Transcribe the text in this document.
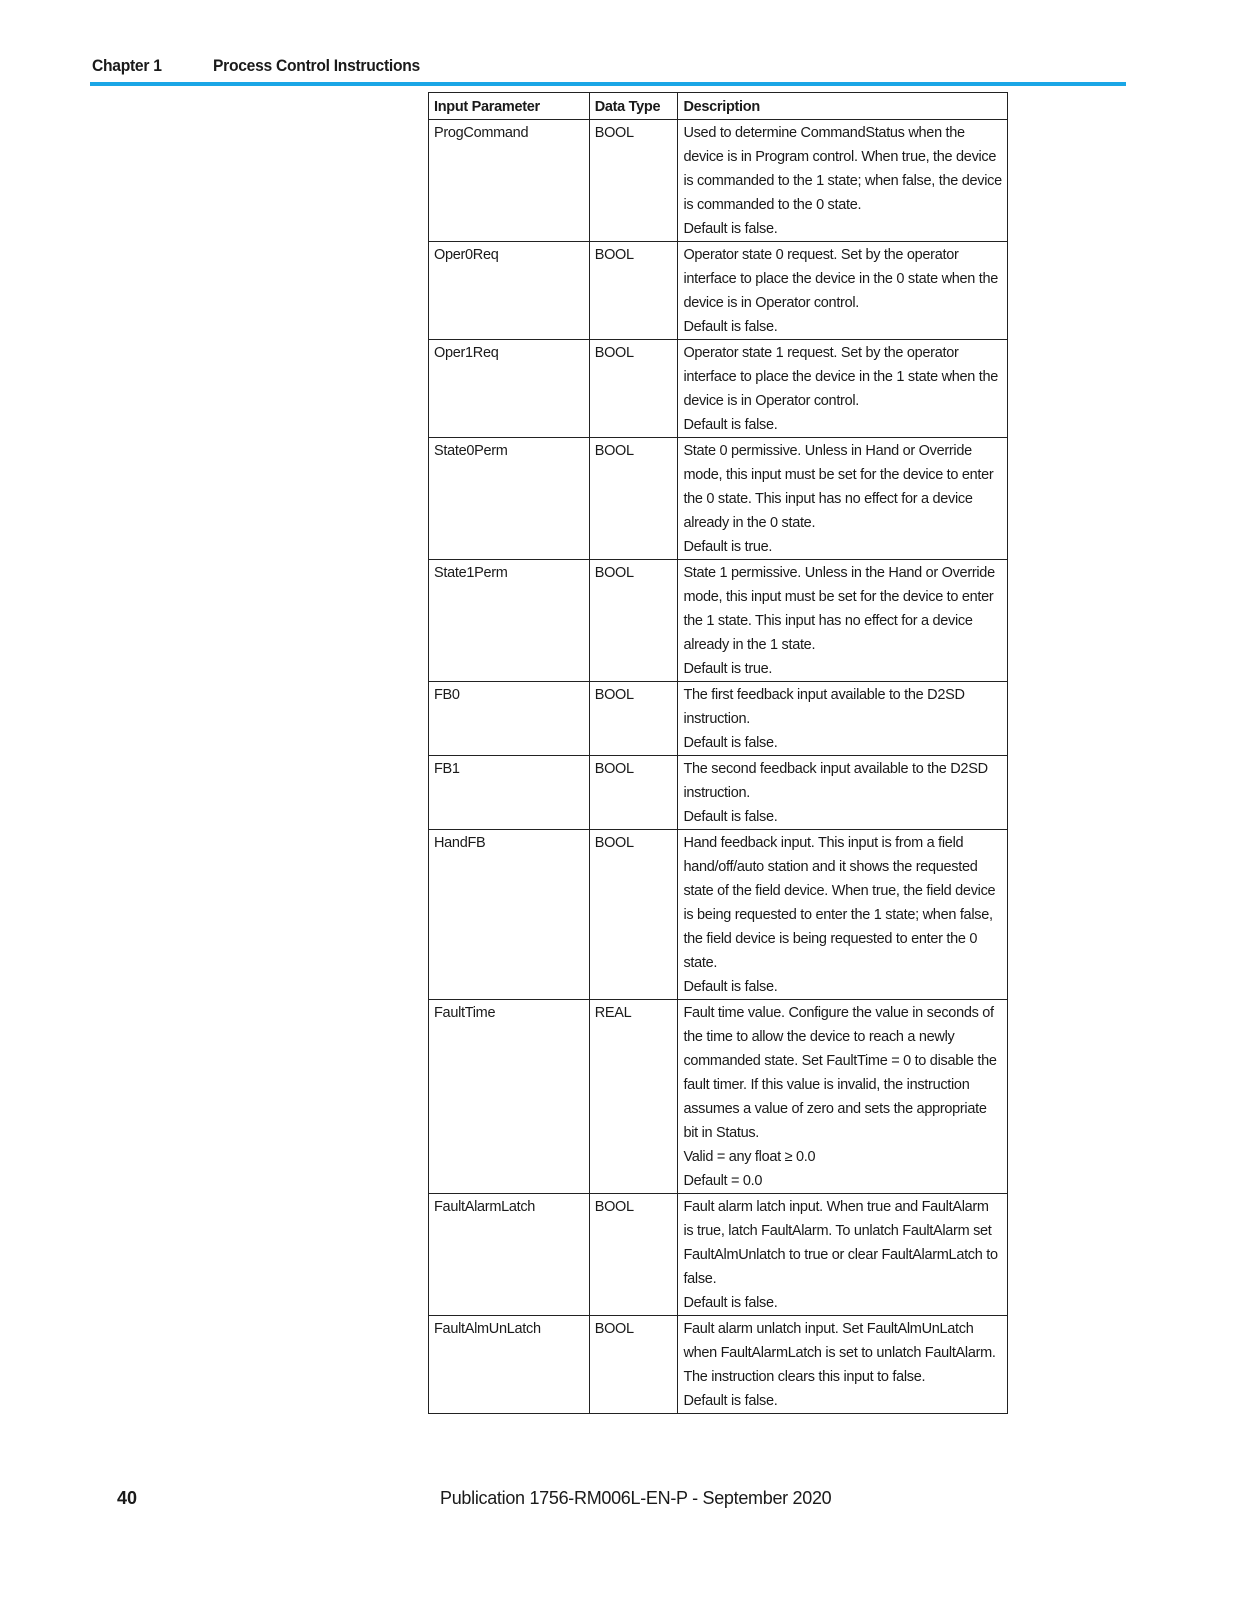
Chapter 1	Process Control Instructions
Input Parameter	Data Type	Description
ProgCommand	BOOL	Used to determine CommandStatus when the device is in Program control. When true, the device is commanded to the 1 state; when false, the device is commanded to the 0 state.
Default is false.

Oper0Req	BOOL	Operator state 0 request. Set by the operator interface to place the device in the 0 state when the device is in Operator control.
Default is false.

Oper1Req	BOOL	Operator state 1 request. Set by the operator interface to place the device in the 1 state when the device is in Operator control.
Default is false.

State0Perm	BOOL	State 0 permissive. Unless in Hand or Override mode, this input must be set for the device to enter the 0 state. This input has no effect for a device already in the 0 state.
Default is true.

State1Perm	BOOL	State 1 permissive. Unless in the Hand or Override mode, this input must be set for the device to enter the 1 state. This input has no effect for a device already in the 1 state.
Default is true.

FB0	BOOL	The first feedback input available to the D2SD instruction.
Default is false.

FB1	BOOL	The second feedback input available to the D2SD instruction.
Default is false.

HandFB	BOOL	Hand feedback input. This input is from a field hand/off/auto station and it shows the requested state of the field device. When true, the field device is being requested to enter the 1 state; when false, the field device is being requested to enter the 0 state.
Default is false.

FaultTime	REAL	Fault time value. Configure the value in seconds of the time to allow the device to reach a newly commanded state. Set FaultTime = 0 to disable the fault timer. If this value is invalid, the instruction assumes a value of zero and sets the appropriate bit in Status.
Valid = any float ≥ 0.0
Default = 0.0

FaultAlarmLatch	BOOL	Fault alarm latch input. When true and FaultAlarm is true, latch FaultAlarm. To unlatch FaultAlarm set FaultAlmUnlatch to true or clear FaultAlarmLatch to false.
Default is false.

FaultAlmUnLatch	BOOL	Fault alarm unlatch input. Set FaultAlmUnLatch when FaultAlarmLatch is set to unlatch FaultAlarm. The instruction clears this input to false.
Default is false.
40	Publication 1756-RM006L-EN-P - September 2020
